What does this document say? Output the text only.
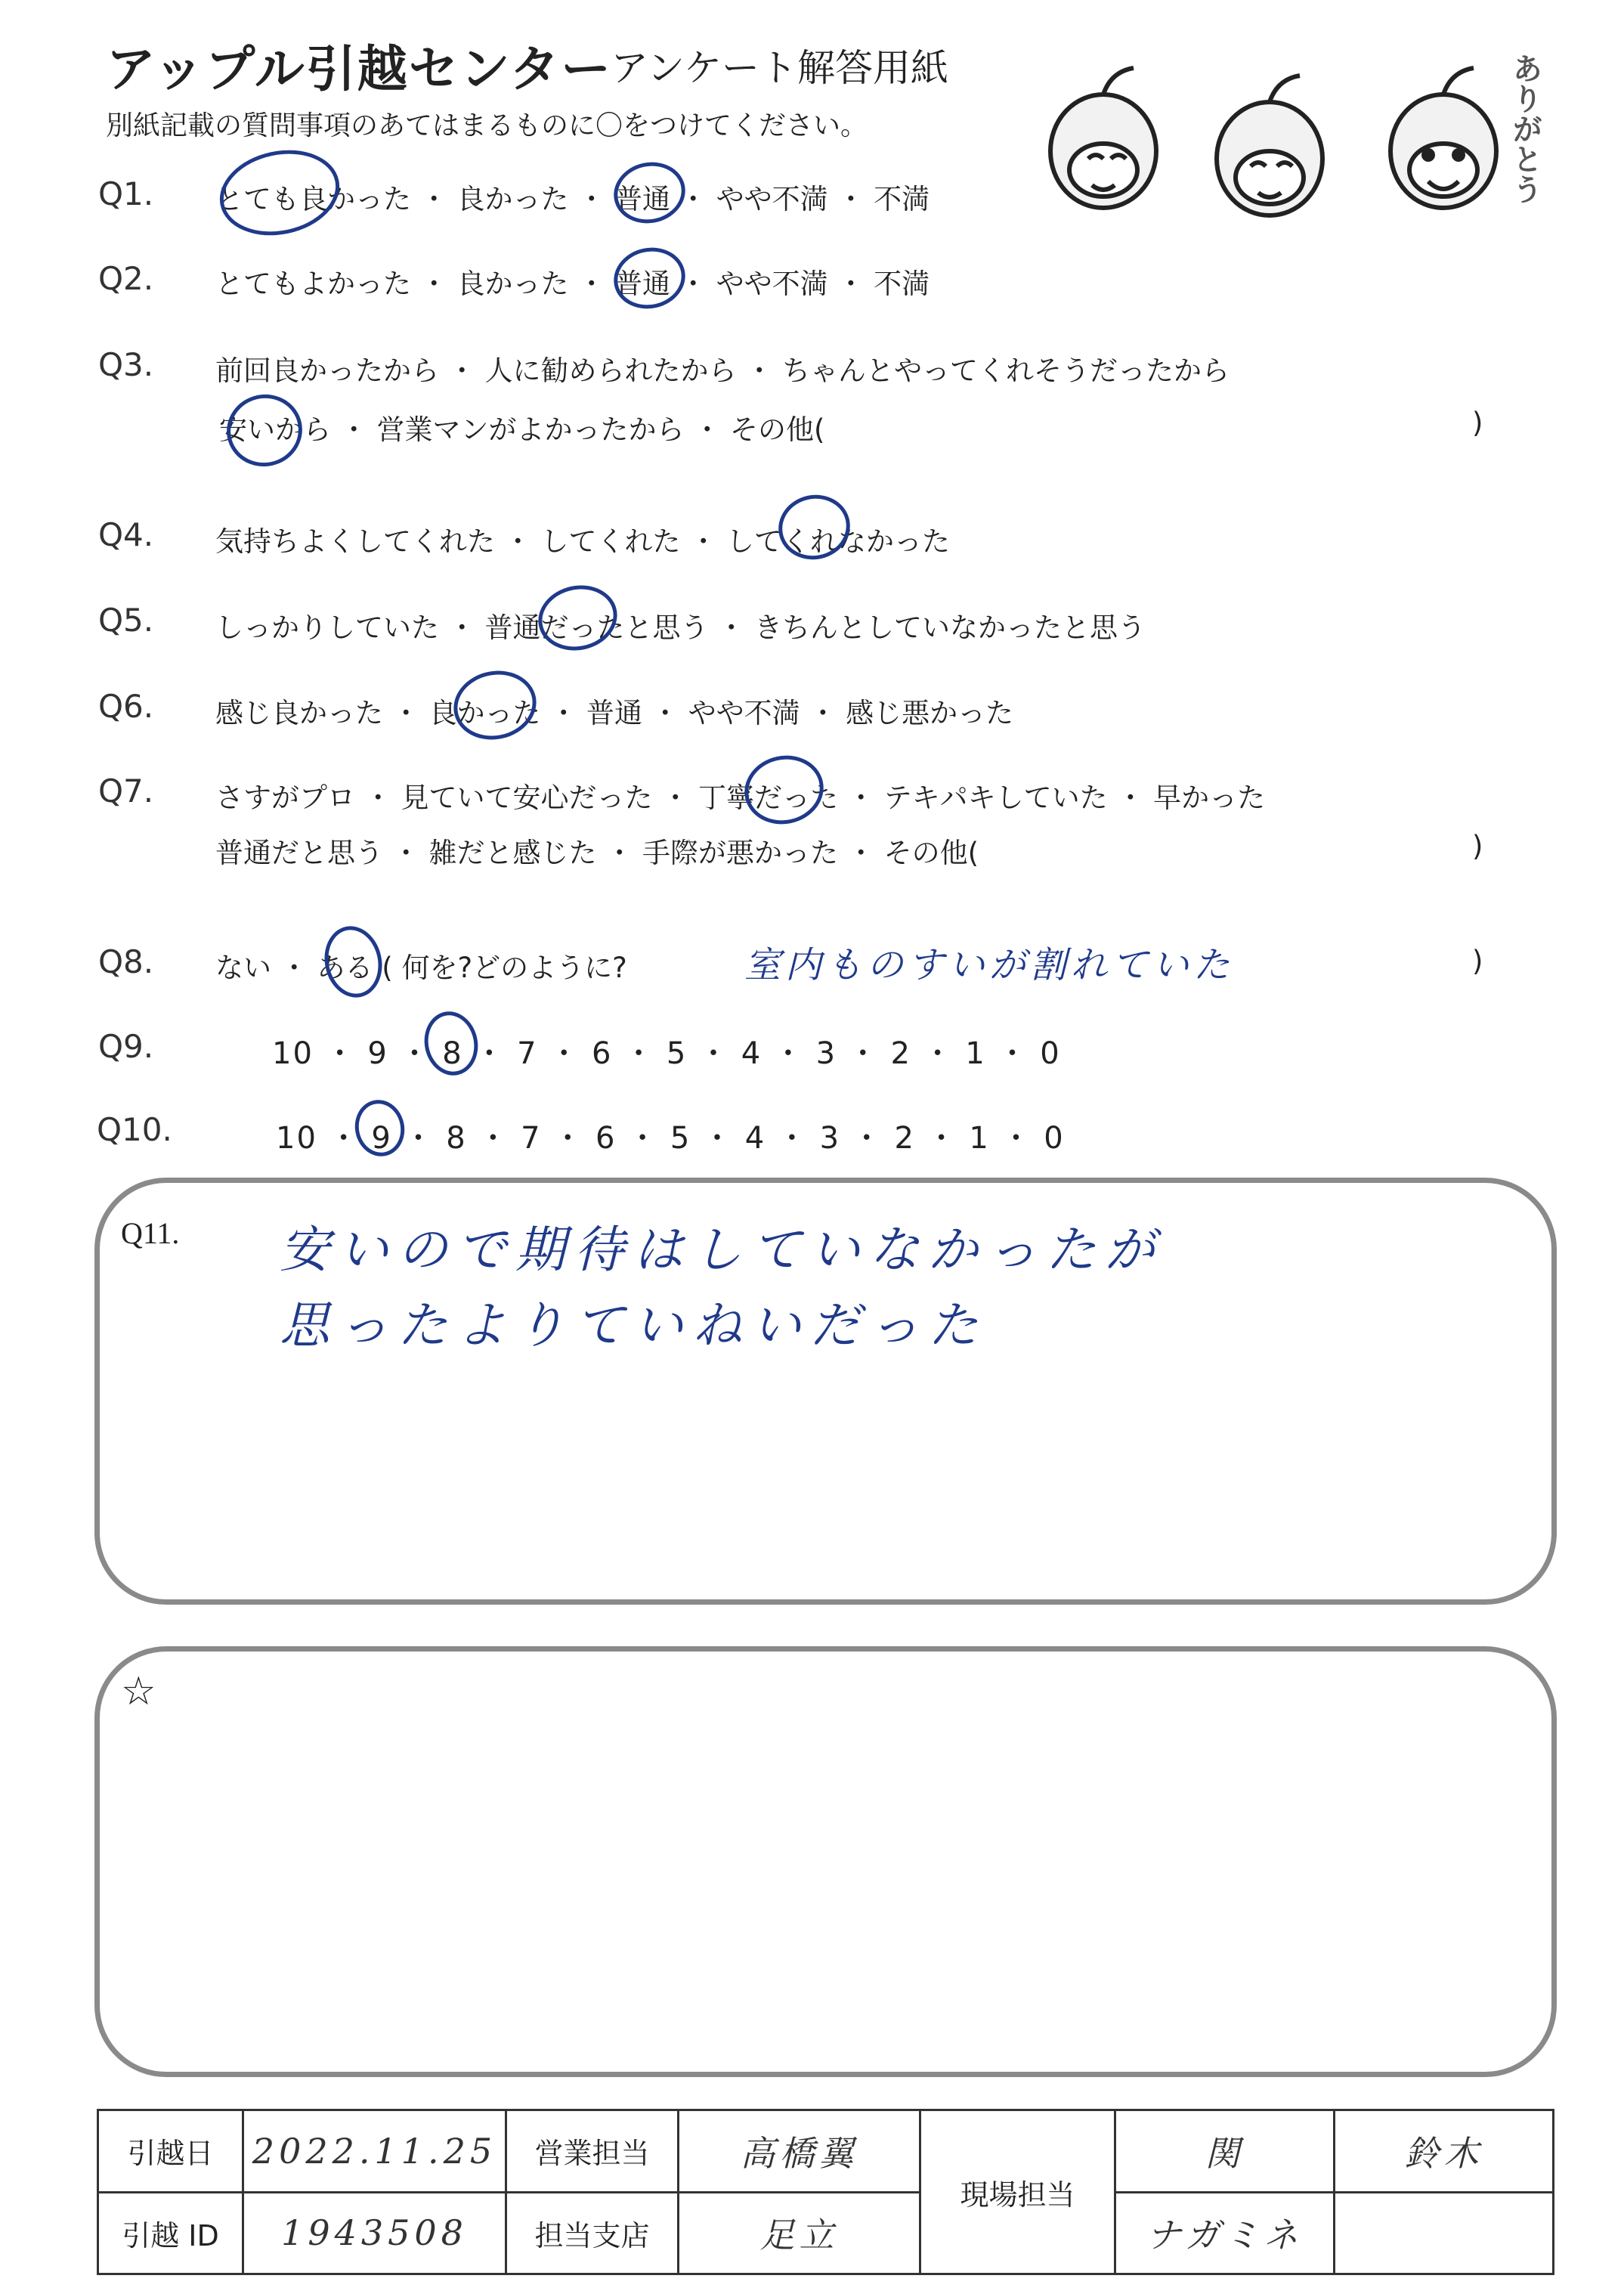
アップル引越センター
アンケート解答用紙
別紙記載の質問事項のあてはまるものに〇をつけてください。	ありがとう
Q1. とても良かった ・ 良かった ・ 普通 ・ やや不満 ・ 不満
Q2. とてもよかった ・ 良かった ・ 普通 ・ やや不満 ・ 不満
Q3. 前回良かったから ・ 人に勧められたから ・ ちゃんとやってくれそうだったから
安いから ・ 営業マンがよかったから ・ その他(	)
Q4. 気持ちよくしてくれた ・ してくれた ・ してくれなかった
Q5. しっかりしていた ・ 普通だったと思う ・ きちんとしていなかったと思う
Q6. 感じ良かった ・ 良かった ・ 普通 ・ やや不満 ・ 感じ悪かった
Q7. さすがプロ ・ 見ていて安心だった ・ 丁寧だった ・ テキパキしていた ・ 早かった
普通だと思う ・ 雑だと感じた ・ 手際が悪かった ・ その他(	)
Q8. ない ・ ある ( 何を?どのように?	室内ものすいが割れていた	)
Q9.	10 ・ 9 ・ 8 ・ 7 ・ 6 ・ 5 ・ 4 ・ 3 ・ 2 ・ 1 ・ 0
Q10.	10 ・ 9 ・ 8 ・ 7 ・ 6 ・ 5 ・ 4 ・ 3 ・ 2 ・ 1 ・ 0
Q11. 安いので期待はしていなかったが
思ったよりていねいだった
☆
引越日	2022.11.25	営業担当	高橋翼	現場担当	関	鈴木
引越 ID	1943508	担当支店	足立		ナガミネ	
